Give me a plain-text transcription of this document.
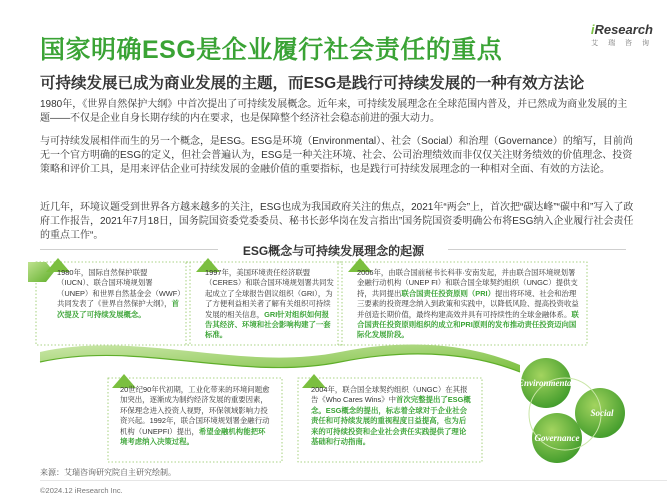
国家明确ESG是企业履行社会责任的重点
iResearch
艾 瑞 咨 询
可持续发展已成为商业发展的主题，而ESG是践行可持续发展的一种有效方法论

1980年，《世界自然保护大纲》中首次提出了可持续发展概念。近年来，可持续发展理念在全球范围内普及，并已然成为商业发展的主题——不仅是企业自身长期存续的内在要求，也是保障整个经济社会稳态前进的强大动力。

与可持续发展相伴而生的另一个概念，是ESG。ESG是环境（Environmental）、社会（Social）和治理（Governance）的缩写，目前尚无一个官方明确的ESG的定义，但社会普遍认为，ESG是一种关注环境、社会、公司治理绩效而非仅仅关注财务绩效的价值理念、投资策略和评价工具，是用来评估企业可持续发展的金融价值的重要指标，也是践行可持续发展理念的一种相对全面、有效的方法论。

近几年，环境议题受到世界各方越来越多的关注，ESG也成为我国政府关注的焦点，2021年“两会”上，首次把“碳达峰”“碳中和”写入了政府工作报告，2021年7月18日，国务院国资委党委委员、秘书长彭华岗在发言指出”国务院国资委明确公布将ESG纳入企业履行社会责任的重点工作“。

ESG概念与可持续发展理念的起源
1980年，国际自然保护联盟（IUCN）、联合国环境规划署（UNEP）和世界自然基金会（WWF）共同发表了《世界自然保护大纲》，首次提及了可持续发展概念。
1997年，美国环境责任经济联盟（CERES）和联合国环境规划署共同发起成立了全球报告倡议组织（GRI），为了方便利益相关者了解有关组织可持续发展的相关信息，GRI针对组织如何报告其经济、环境和社会影响构建了一套标准。
2006年，由联合国前秘书长科菲·安南发起，并由联合国环境规划署金融行动机构（UNEP FI）和联合国全球契约组织（UNGC）提供支持，共同提出联合国责任投资原则（PRI）提出将环境、社会和治理三要素的投资理念纳入到政策和实践中，以降低风险、提高投资收益并创造长期价值，最终构建高效并具有可持续性的全球金融体系。联合国责任投资原则组织的成立和PRI原则的发布推动责任投资迈向国际化发展阶段。
20世纪90年代初期，工业化带来的环境问题愈加突出，逐渐成为制约经济发展的重要因素，环保理念进入投资人视野，环保领域影响力投资兴起。1992年，联合国环境规划署金融行动机构（UNEPFI）提出，希望金融机构能把环境考虑纳入决策过程。
2004年，联合国全球契约组织（UNGC）在其报告《Who Cares Wins》中首次完整提出了ESG概念。ESG概念的提出，标志着全球对于企业社会责任和可持续发展的重视程度日益提高，也为后来的可持续投资和企业社会责任实践提供了理论基础和行动指南。
Environmental
Social
Governance
来源：艾瑞咨询研究院自主研究绘制。
©2024.12 iResearch Inc.
